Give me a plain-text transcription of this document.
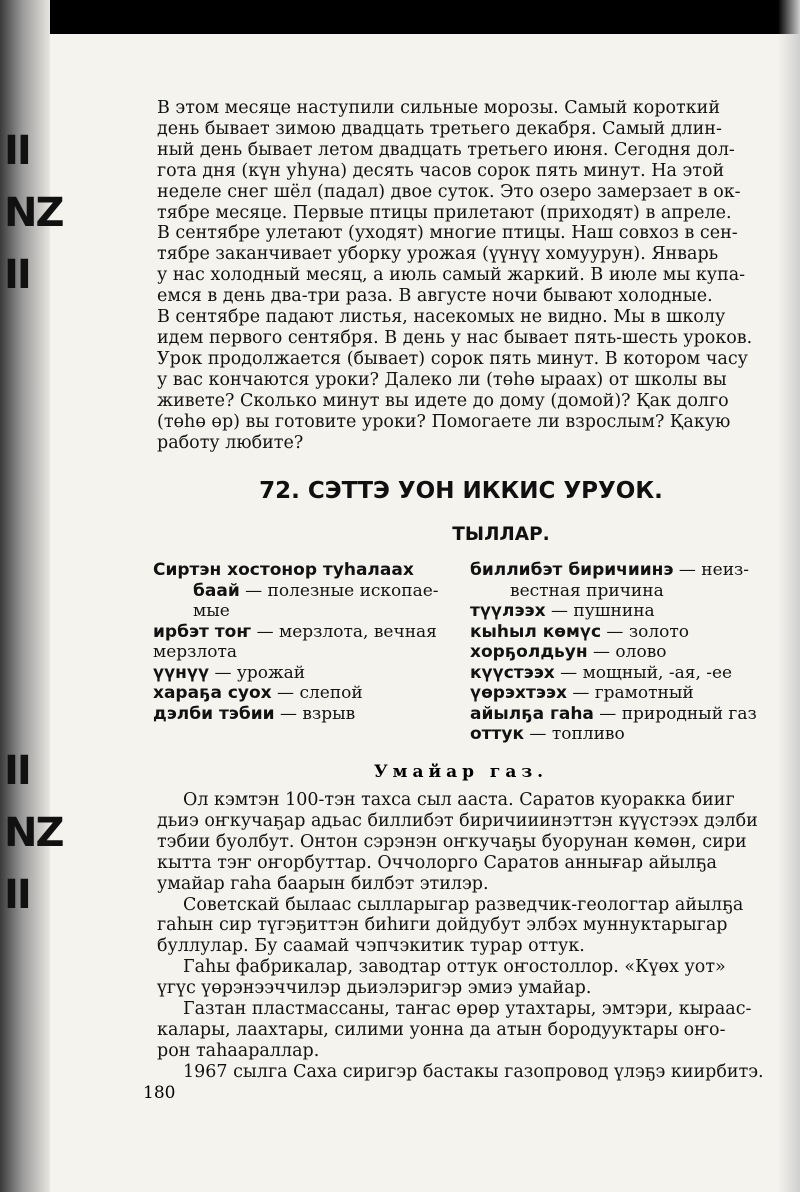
ΙΙ
ΝΖ
ΙΙ

ΙΙ
ΝΖ
ΙΙ
В этом месяце наступили сильные морозы. Самый короткий
день бывает зимою двадцать третьего декабря. Самый длин-
ный день бывает летом двадцать третьего июня. Сегодня дол-
гота дня (күн уһуна) десять часов сорок пять минут. На этой
неделе снег шёл (падал) двое суток. Это озеро замерзает в ок-
тябре месяце. Первые птицы прилетают (приходят) в апреле.
В сентябре улетают (уходят) многие птицы. Наш совхоз в сен-
тябре заканчивает уборку урожая (үүнүү хомуурун). Январь
у нас холодный месяц, а июль самый жаркий. В июле мы купа-
емся в день два-три раза. В августе ночи бывают холодные.
В сентябре падают листья, насекомых не видно. Мы в школу
идем первого сентября. В день у нас бывает пять-шесть уроков.
Урок продолжается (бывает) сорок пять минут. В котором часу
у вас кончаются уроки? Далеко ли (төһө ыраах) от школы вы
живете? Сколько минут вы идете до дому (домой)? Қак долго
(төһө өр) вы готовите уроки? Помогаете ли взрослым? Қакую
работу любите?
72. СЭТТЭ УОН ИККИС УРУОК.
ТЫЛЛАР.
Сиртэн хостонор туһалаах
баай — полезные ископае-
мые
ирбэт тоҥ — мерзлота, вечная
мерзлота
үүнүү — урожай
хараҕа суох — слепой
дэлби тэбии — взрыв
биллибэт биричиинэ — неиз-
вестная причина
түүлээх — пушнина
кыһыл көмүс — золото
хорҕолдьун — олово
күүстээх — мощный, -ая, -ее
үөрэхтээх — грамотный
айылҕа гаһа — природный газ
оттук — топливо
Умайар газ.
Ол кэмтэн 100-тэн тахса сыл ааста. Саратов куоракка бииг
дьиэ оҥкучаҕар адьас биллибэт биричииинэттэн күүстээх дэлби
тэбии буолбут. Онтон сэрэнэн оҥкучаҕы буорунан көмөн, сири
кытта тэҥ оҥорбуттар. Оччолорго Саратов аннығар айылҕа
умайар гаһа баарын билбэт этилэр.
Советскай былаас сылларыгар разведчик-геологтар айылҕа
гаһын сир түгэҕиттэн биһиги дойдубут элбэх муннуктарыгар
буллулар. Бу саамай чэпчэкитик турар оттук.
Гаһы фабрикалар, заводтар оттук оҥостоллор. «Күөх уот»
үгүс үөрэнээччилэр дьиэлэригэр эмиэ умайар.
Газтан пластмассаны, таҥас өрөр утахтары, эмтэри, кыраас-
калары, лаахтары, силими уонна да атын бородууктары оҥо-
рон таһаараллар.
1967 сылга Саха сиригэр бастакы газопровод үлэҕэ киирбитэ.
180
